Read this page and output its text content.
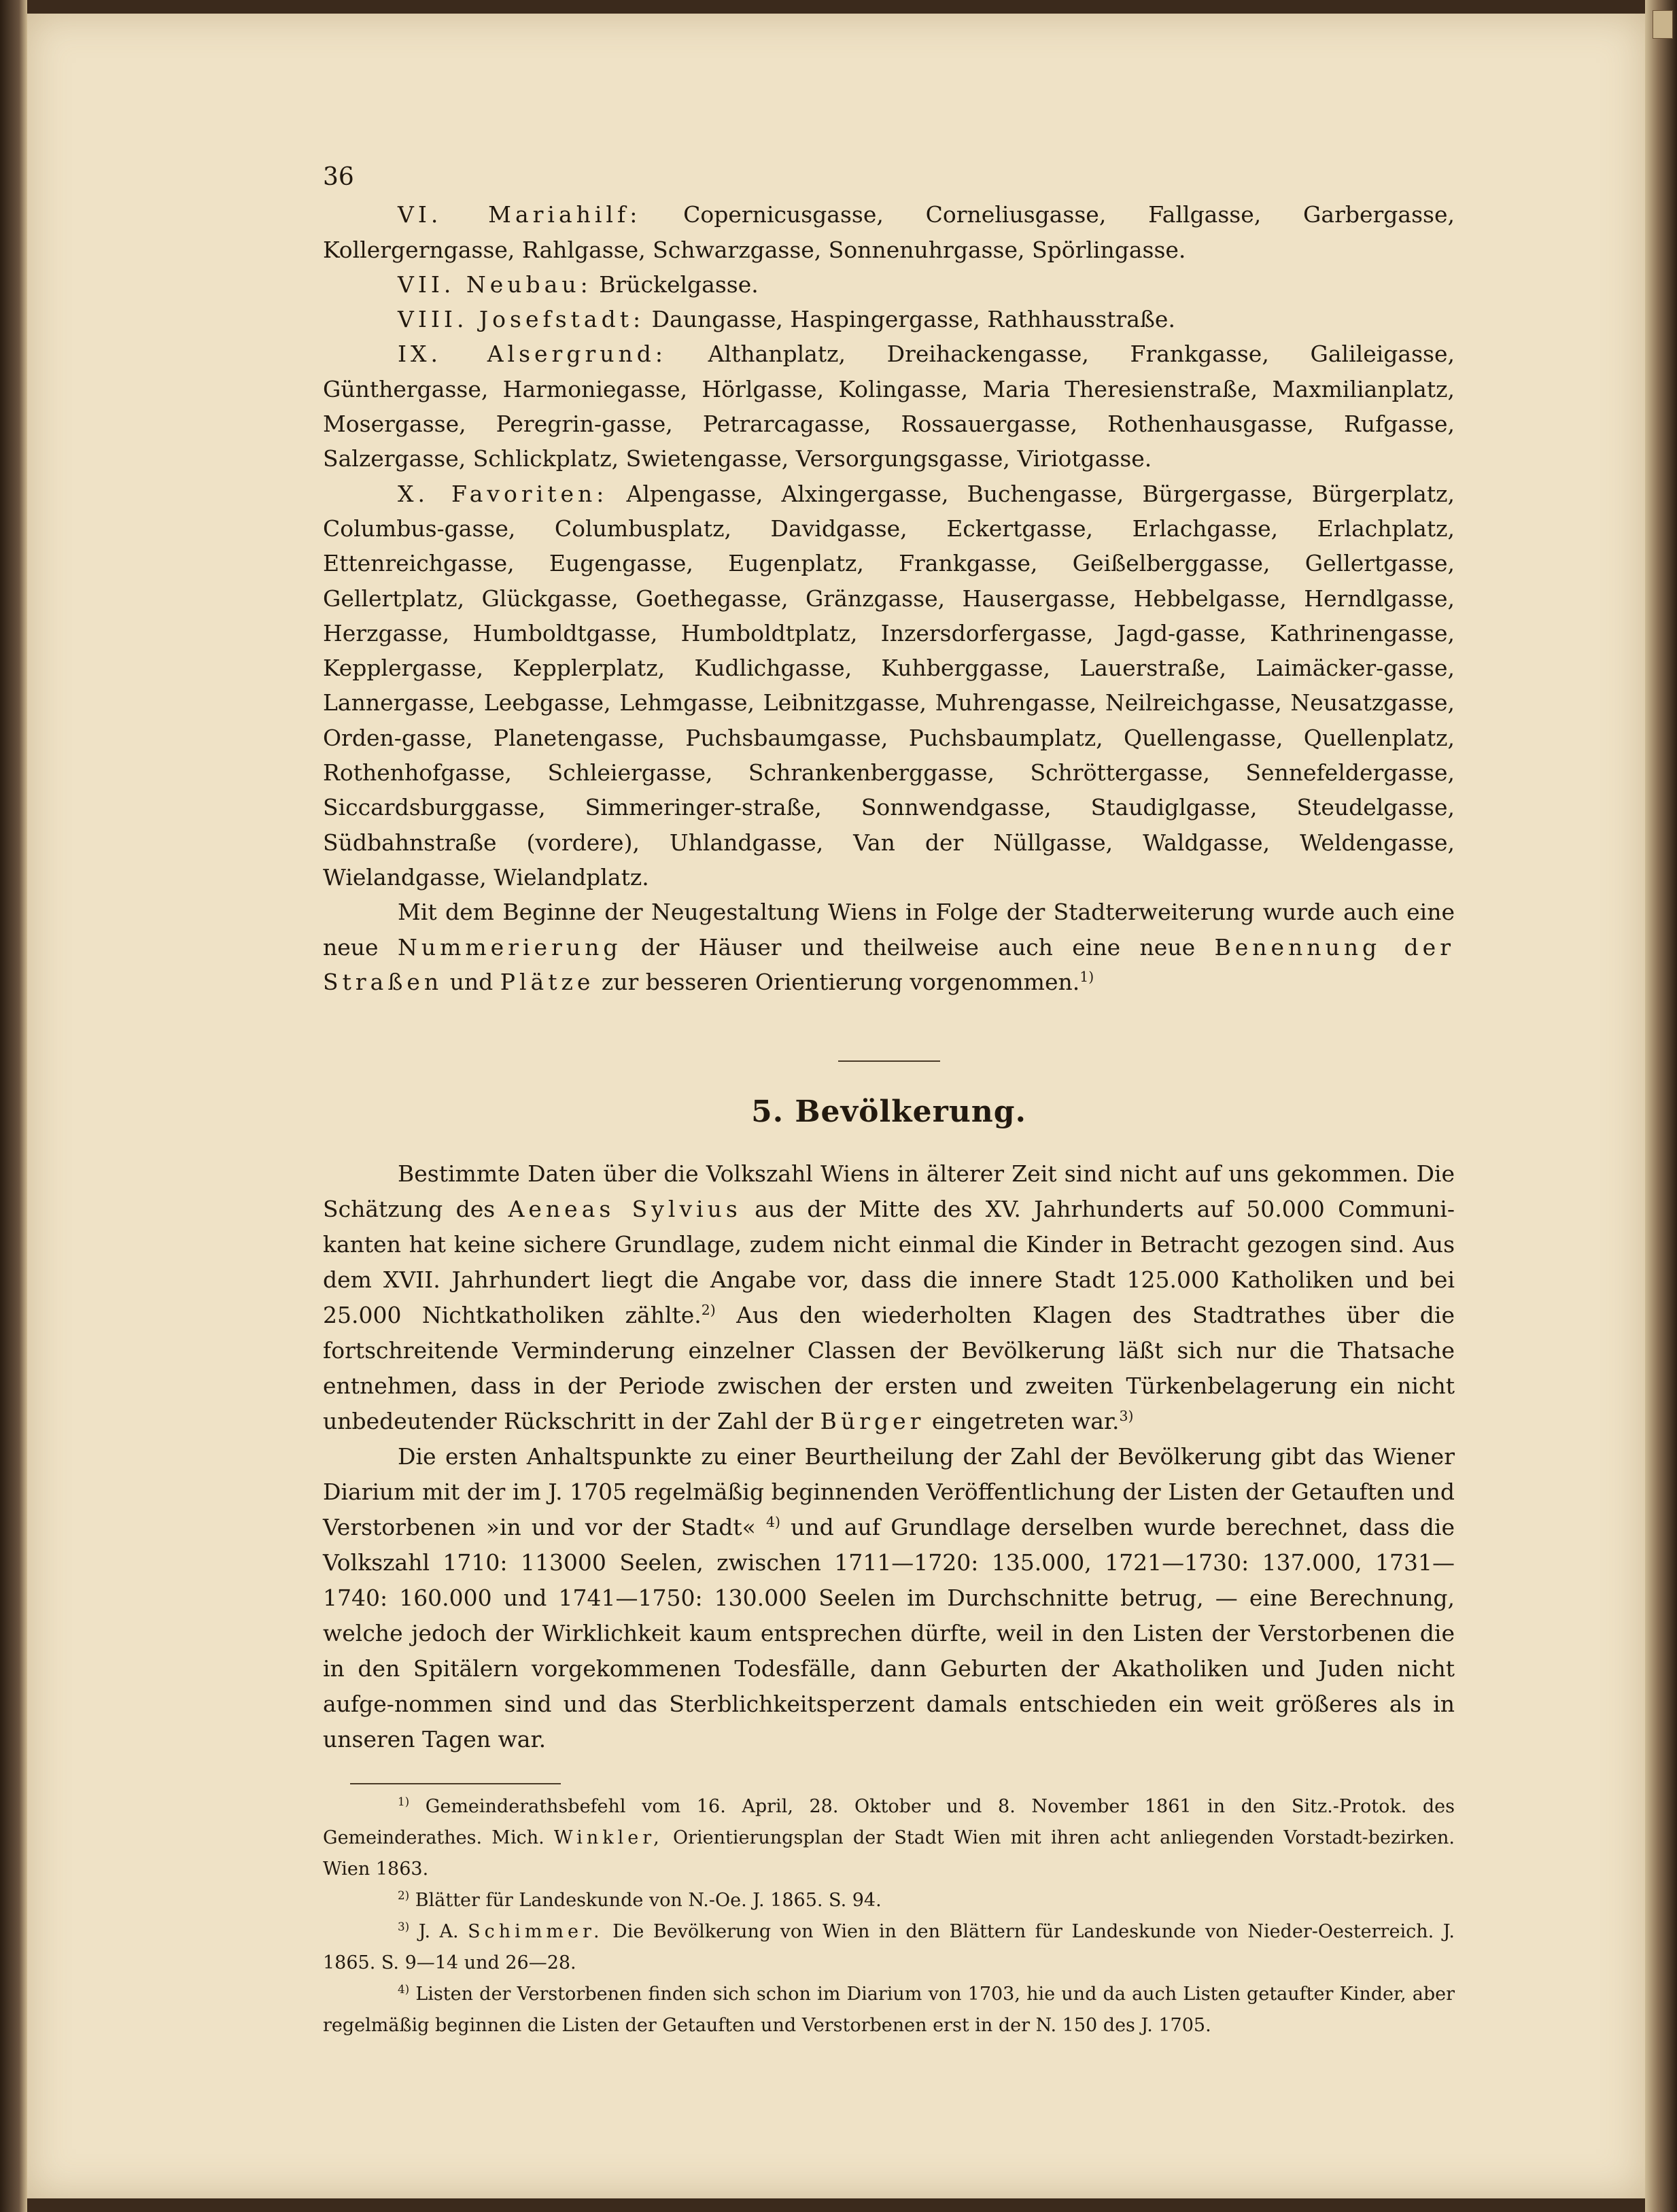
36

VI. Mariahilf: Copernicusgasse, Corneliusgasse, Fallgasse, Garbergasse, Kollergerngasse, Rahlgasse, Schwarzgasse, Sonnenuhrgasse, Spörlingasse.

VII. Neubau: Brückelgasse.

VIII. Josefstadt: Daungasse, Haspingergasse, Rathhausstraße.

IX. Alsergrund: Althanplatz, Dreihackengasse, Frankgasse, Galileigasse, Günthergasse, Harmoniegasse, Hörlgasse, Kolingasse, Maria Theresienstraße, Maxmilianplatz, Mosergasse, Peregrin-gasse, Petrarcagasse, Rossauergasse, Rothenhausgasse, Rufgasse, Salzergasse, Schlickplatz, Swietengasse, Versorgungsgasse, Viriotgasse.

X. Favoriten: Alpengasse, Alxingergasse, Buchengasse, Bürgergasse, Bürgerplatz, Columbus-gasse, Columbusplatz, Davidgasse, Eckertgasse, Erlachgasse, Erlachplatz, Ettenreichgasse, Eugengasse, Eugenplatz, Frankgasse, Geißelberggasse, Gellertgasse, Gellertplatz, Glückgasse, Goethegasse, Gränzgasse, Hausergasse, Hebbelgasse, Herndlgasse, Herzgasse, Humboldtgasse, Humboldtplatz, Inzersdorfergasse, Jagd-gasse, Kathrinengasse, Kepplergasse, Kepplerplatz, Kudlichgasse, Kuhberggasse, Lauerstraße, Laimäcker-gasse, Lannergasse, Leebgasse, Lehmgasse, Leibnitzgasse, Muhrengasse, Neilreichgasse, Neusatzgasse, Orden-gasse, Planetengasse, Puchsbaumgasse, Puchsbaumplatz, Quellengasse, Quellenplatz, Rothenhofgasse, Schleiergasse, Schrankenberggasse, Schröttergasse, Sennefeldergasse, Siccardsburggasse, Simmeringer-straße, Sonnwendgasse, Staudiglgasse, Steudelgasse, Südbahnstraße (vordere), Uhlandgasse, Van der Nüllgasse, Waldgasse, Weldengasse, Wielandgasse, Wielandplatz.

Mit dem Beginne der Neugestaltung Wiens in Folge der Stadterweiterung wurde auch eine neue Nummerierung der Häuser und theilweise auch eine neue Benennung der Straßen und Plätze zur besseren Orientierung vorgenommen.$^{1)}$

5. Bevölkerung.

Bestimmte Daten über die Volkszahl Wiens in älterer Zeit sind nicht auf uns gekommen. Die Schätzung des Aeneas Sylvius aus der Mitte des XV. Jahrhunderts auf 50.000 Communi-kanten hat keine sichere Grundlage, zudem nicht einmal die Kinder in Betracht gezogen sind. Aus dem XVII. Jahrhundert liegt die Angabe vor, dass die innere Stadt 125.000 Katholiken und bei 25.000 Nichtkatholiken zählte.$^{2)}$ Aus den wiederholten Klagen des Stadtrathes über die fortschreitende Verminderung einzelner Classen der Bevölkerung läßt sich nur die Thatsache entnehmen, dass in der Periode zwischen der ersten und zweiten Türkenbelagerung ein nicht unbedeutender Rückschritt in der Zahl der Bürger eingetreten war.$^{3)}$

Die ersten Anhaltspunkte zu einer Beurtheilung der Zahl der Bevölkerung gibt das Wiener Diarium mit der im J. 1705 regelmäßig beginnenden Veröffentlichung der Listen der Getauften und Verstorbenen »in und vor der Stadt« $^{4)}$ und auf Grundlage derselben wurde berechnet, dass die Volkszahl 1710: 113000 Seelen, zwischen 1711—1720: 135.000, 1721—1730: 137.000, 1731—1740: 160.000 und 1741—1750: 130.000 Seelen im Durchschnitte betrug, — eine Berechnung, welche jedoch der Wirklichkeit kaum entsprechen dürfte, weil in den Listen der Verstorbenen die in den Spitälern vorgekommenen Todesfälle, dann Geburten der Akatholiken und Juden nicht aufge-nommen sind und das Sterblichkeitsperzent damals entschieden ein weit größeres als in unseren Tagen war.

$^{1)}$ Gemeinderathsbefehl vom 16. April, 28. Oktober und 8. November 1861 in den Sitz.-Protok. des Gemeinderathes. Mich. Winkler, Orientierungsplan der Stadt Wien mit ihren acht anliegenden Vorstadt-bezirken. Wien 1863.

$^{2)}$ Blätter für Landeskunde von N.-Oe. J. 1865. S. 94.

$^{3)}$ J. A. Schimmer. Die Bevölkerung von Wien in den Blättern für Landeskunde von Nieder-Oesterreich. J. 1865. S. 9—14 und 26—28.

$^{4)}$ Listen der Verstorbenen finden sich schon im Diarium von 1703, hie und da auch Listen getaufter Kinder, aber regelmäßig beginnen die Listen der Getauften und Verstorbenen erst in der N. 150 des J. 1705.
